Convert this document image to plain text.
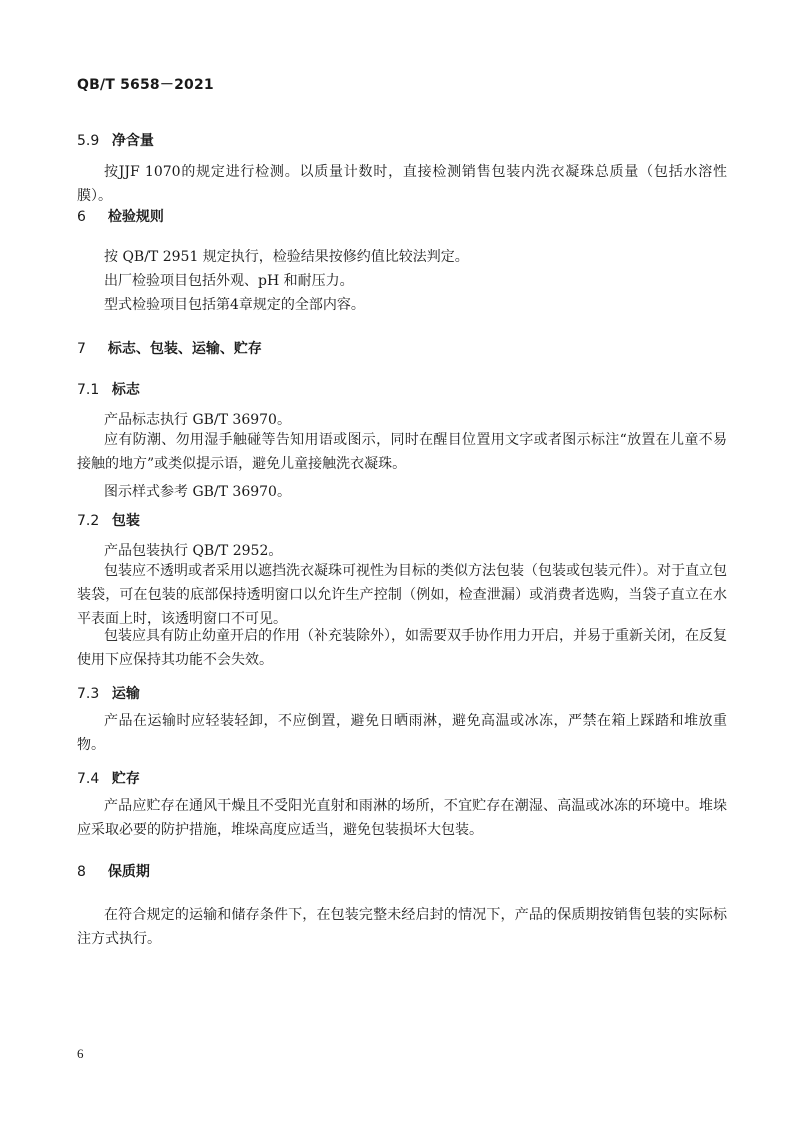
QB/T 5658－2021
5.9 净含量
按JJF 1070的规定进行检测。以质量计数时，直接检测销售包装内洗衣凝珠总质量（包括水溶性膜）。
6 检验规则
按 QB/T 2951 规定执行，检验结果按修约值比较法判定。
出厂检验项目包括外观、pH 和耐压力。
型式检验项目包括第4章规定的全部内容。
7 标志、包装、运输、贮存
7.1 标志
产品标志执行 GB/T 36970。
应有防潮、勿用湿手触碰等告知用语或图示，同时在醒目位置用文字或者图示标注“放置在儿童不易接触的地方”或类似提示语，避免儿童接触洗衣凝珠。
图示样式参考 GB/T 36970。
7.2 包装
产品包装执行 QB/T 2952。
包装应不透明或者采用以遮挡洗衣凝珠可视性为目标的类似方法包装（包装或包装元件）。对于直立包装袋，可在包装的底部保持透明窗口以允许生产控制（例如，检查泄漏）或消费者选购，当袋子直立在水平表面上时，该透明窗口不可见。
包装应具有防止幼童开启的作用（补充装除外），如需要双手协作用力开启，并易于重新关闭，在反复使用下应保持其功能不会失效。
7.3 运输
产品在运输时应轻装轻卸，不应倒置，避免日晒雨淋，避免高温或冰冻，严禁在箱上踩踏和堆放重物。
7.4 贮存
产品应贮存在通风干燥且不受阳光直射和雨淋的场所，不宜贮存在潮湿、高温或冰冻的环境中。堆垛应采取必要的防护措施，堆垛高度应适当，避免包装损坏大包装。
8 保质期
在符合规定的运输和储存条件下，在包装完整未经启封的情况下，产品的保质期按销售包装的实际标注方式执行。
6
